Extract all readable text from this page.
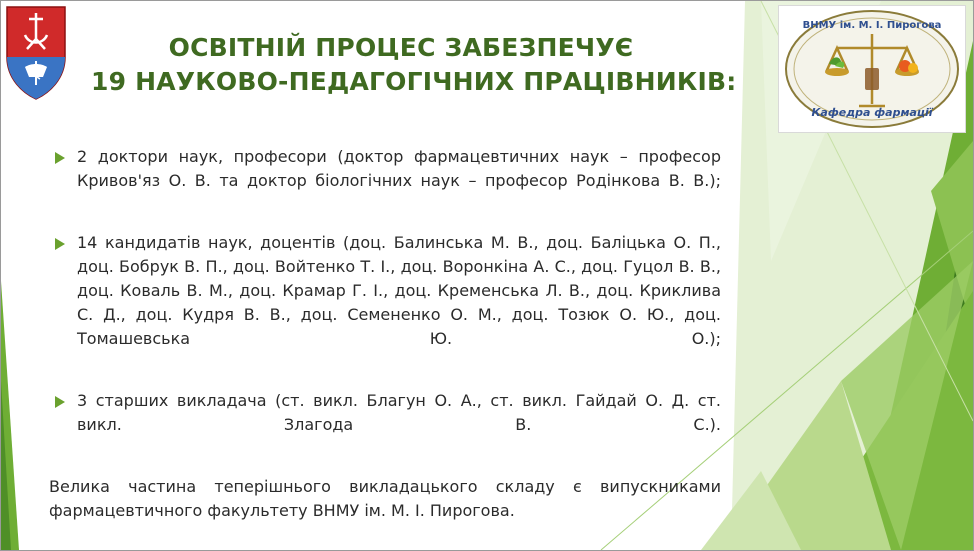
ВНМУ ім. М. І. Пирогова
Кафедра фармації
ОСВІТНІЙ ПРОЦЕС ЗАБЕЗПЕЧУЄ
19 НАУКОВО-ПЕДАГОГІЧНИХ ПРАЦІВНИКІВ:
2 доктори наук, професори (доктор фармацевтичних наук – професор Кривов'яз О. В. та доктор біологічних наук – професор Родінкова В. В.);
14 кандидатів наук, доцентів (доц. Балинська М. В., доц. Баліцька О. П., доц. Бобрук В. П., доц. Войтенко Т. І., доц. Воронкіна А. С., доц. Гуцол В. В., доц. Коваль В. М., доц. Крамар Г. І., доц. Кременська Л. В., доц. Криклива С. Д., доц. Кудря В. В., доц. Семененко О. М., доц. Тозюк О. Ю., доц. Томашевська Ю. О.);
3 старших викладача (ст. викл. Благун О. А., ст. викл. Гайдай О. Д. ст. викл. Злагода В. С.).
Велика частина теперішнього викладацького складу є випускниками фармацевтичного факультету ВНМУ ім. М. І. Пирогова.
